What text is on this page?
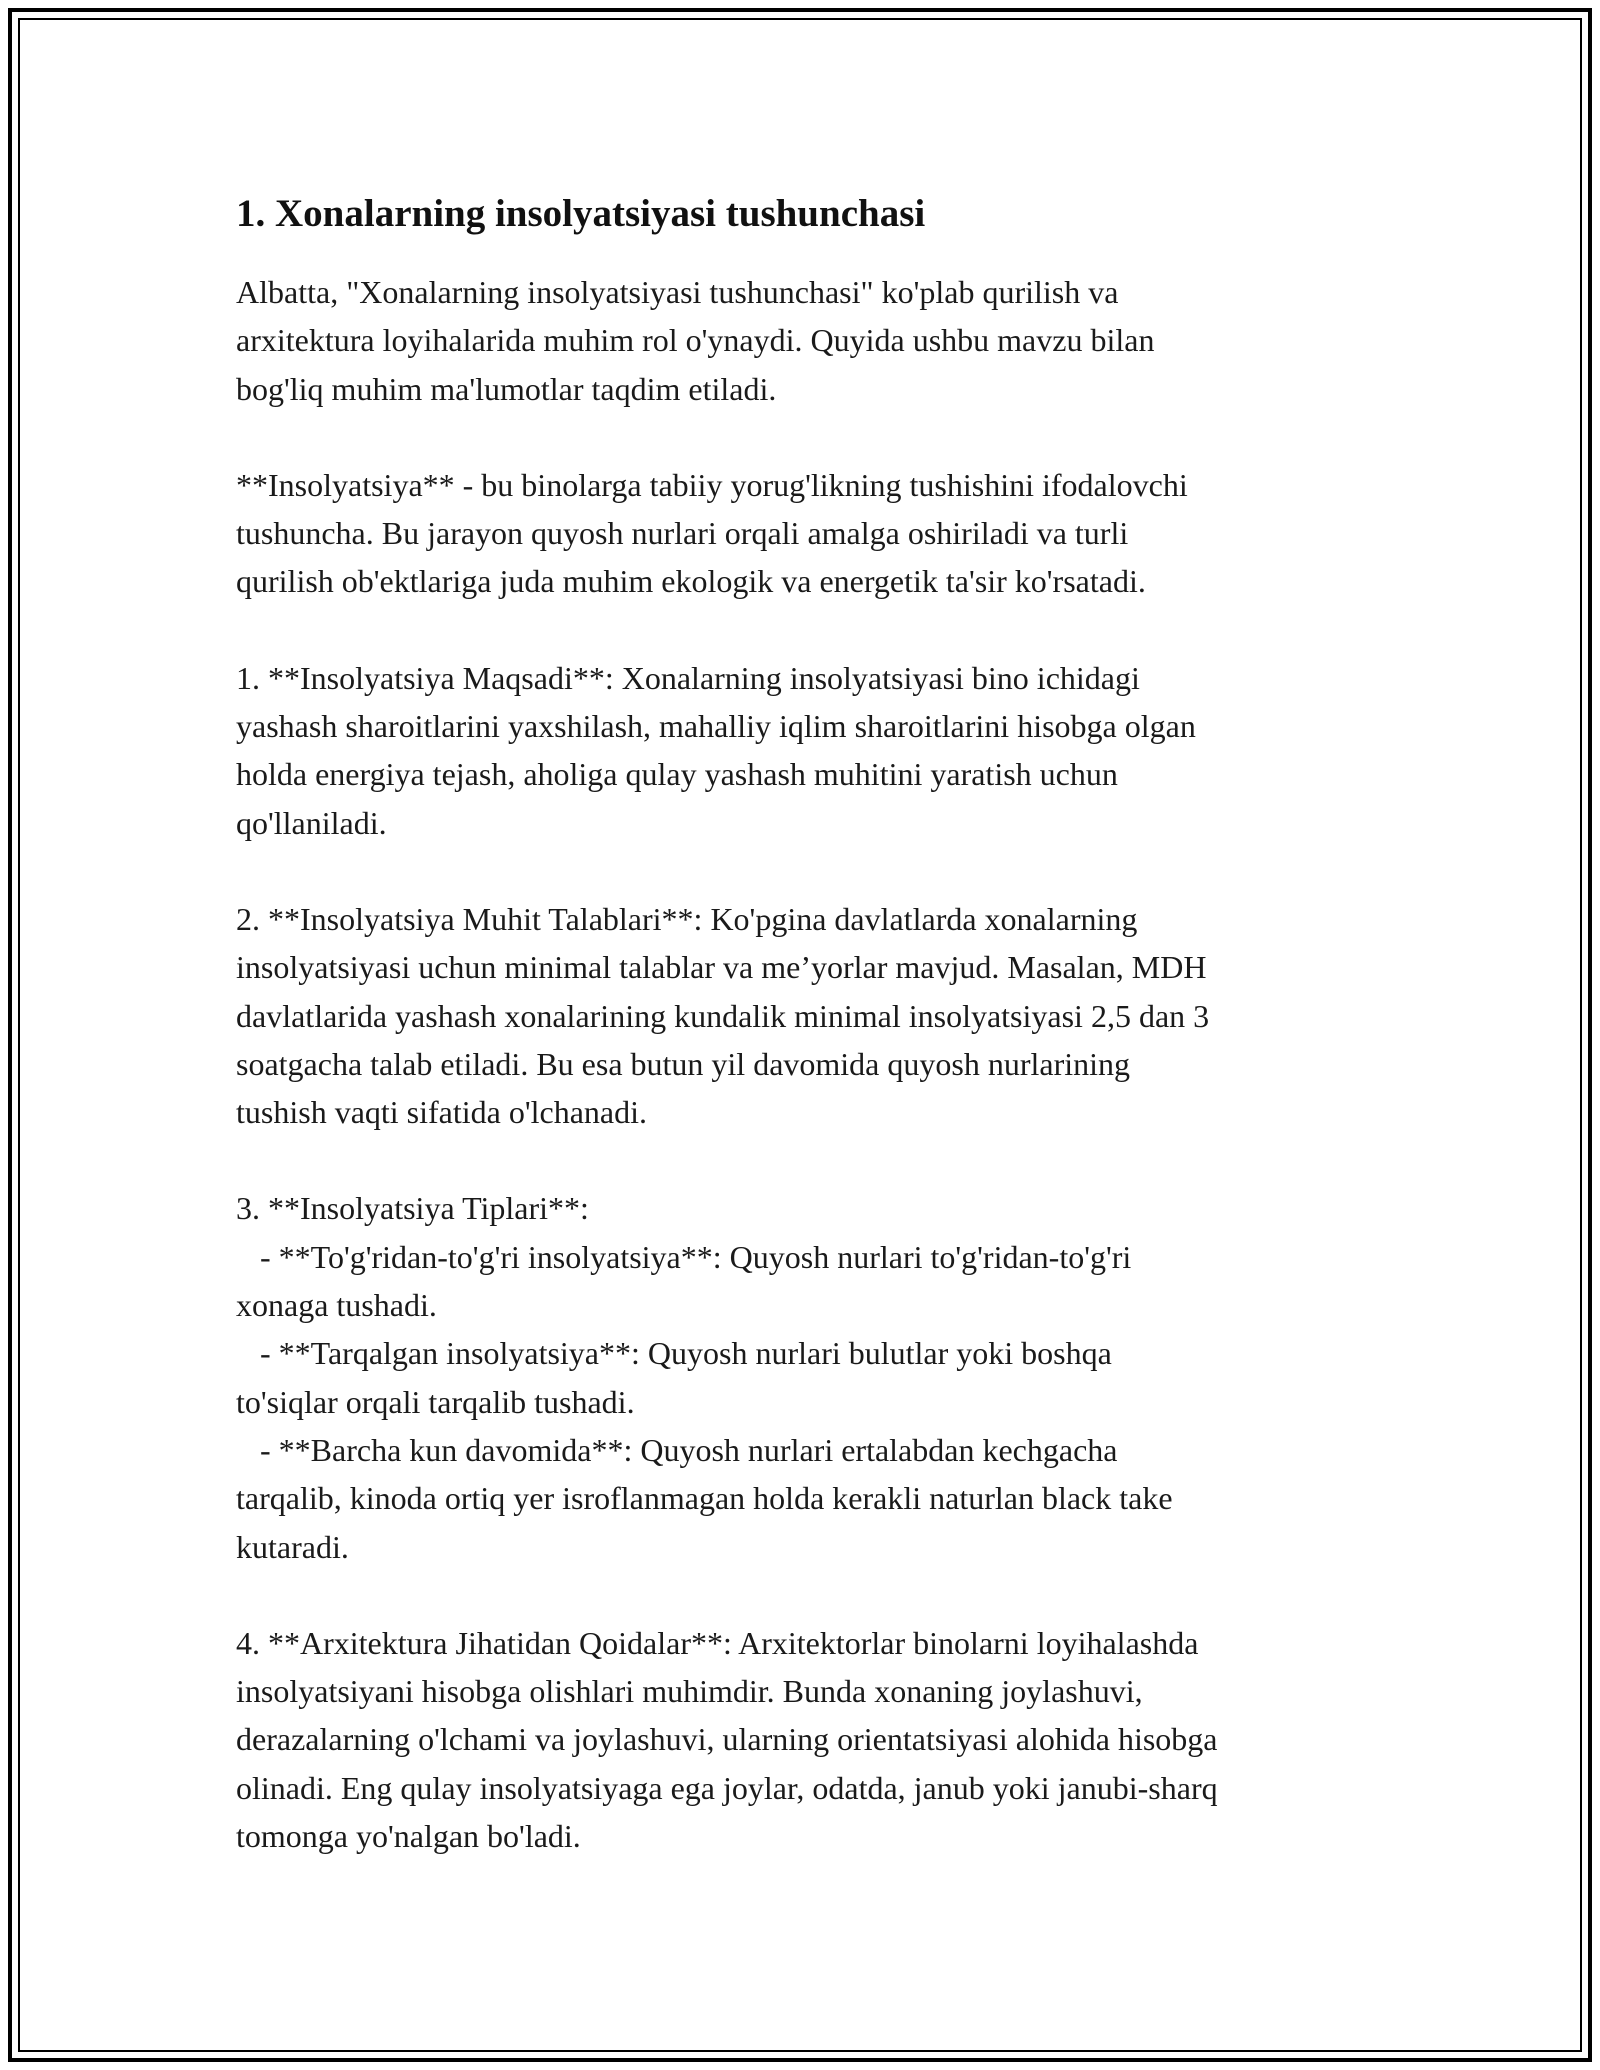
1. Xonalarning insolyatsiyasi tushunchasi

Albatta, "Xonalarning insolyatsiyasi tushunchasi" ko'plab qurilish va
arxitektura loyihalarida muhim rol o'ynaydi. Quyida ushbu mavzu bilan
bog'liq muhim ma'lumotlar taqdim etiladi.

**Insolyatsiya** - bu binolarga tabiiy yorug'likning tushishini ifodalovchi
tushuncha. Bu jarayon quyosh nurlari orqali amalga oshiriladi va turli
qurilish ob'ektlariga juda muhim ekologik va energetik ta'sir ko'rsatadi.

1. **Insolyatsiya Maqsadi**: Xonalarning insolyatsiyasi bino ichidagi
yashash sharoitlarini yaxshilash, mahalliy iqlim sharoitlarini hisobga olgan
holda energiya tejash, aholiga qulay yashash muhitini yaratish uchun
qo'llaniladi.

2. **Insolyatsiya Muhit Talablari**: Ko'pgina davlatlarda xonalarning
insolyatsiyasi uchun minimal talablar va me’yorlar mavjud. Masalan, MDH
davlatlarida yashash xonalarining kundalik minimal insolyatsiyasi 2,5 dan 3
soatgacha talab etiladi. Bu esa butun yil davomida quyosh nurlarining
tushish vaqti sifatida o'lchanadi.

3. **Insolyatsiya Tiplari**:
- **To'g'ridan-to'g'ri insolyatsiya**: Quyosh nurlari to'g'ridan-to'g'ri
xonaga tushadi.
- **Tarqalgan insolyatsiya**: Quyosh nurlari bulutlar yoki boshqa
to'siqlar orqali tarqalib tushadi.
- **Barcha kun davomida**: Quyosh nurlari ertalabdan kechgacha
tarqalib, kinoda ortiq yer isroflanmagan holda kerakli naturlan black take
kutaradi.

4. **Arxitektura Jihatidan Qoidalar**: Arxitektorlar binolarni loyihalashda
insolyatsiyani hisobga olishlari muhimdir. Bunda xonaning joylashuvi,
derazalarning o'lchami va joylashuvi, ularning orientatsiyasi alohida hisobga
olinadi. Eng qulay insolyatsiyaga ega joylar, odatda, janub yoki janubi-sharq
tomonga yo'nalgan bo'ladi.
